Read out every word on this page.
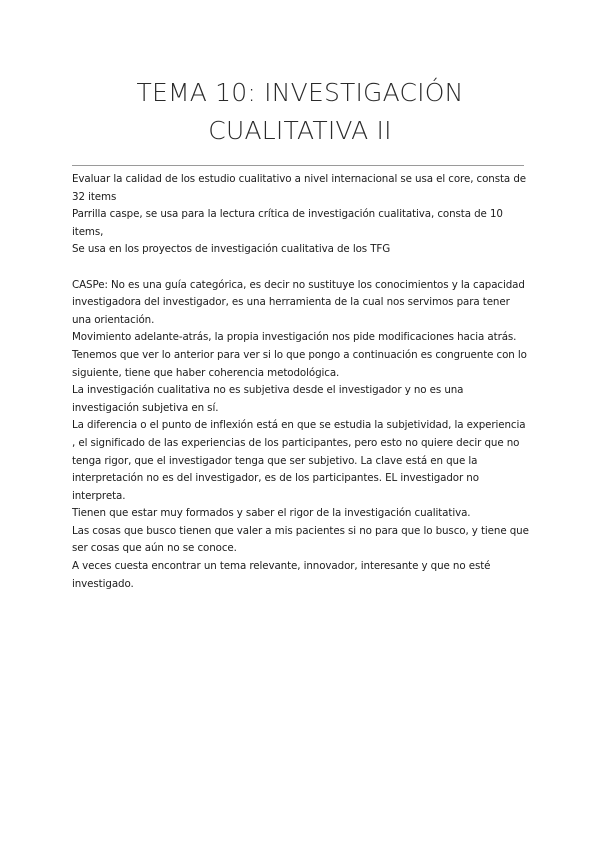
TEMA 10: INVESTIGACIÓN
CUALITATIVA II

Evaluar la calidad de los estudio cualitativo a nivel internacional se usa el core, consta de 32 items

Parrilla caspe, se usa para la lectura crítica de investigación cualitativa, consta de 10 items,

Se usa en los proyectos de investigación cualitativa de los TFG

CASPe: No es una guía categórica, es decir no sustituye los conocimientos y la capacidad investigadora del investigador, es una herramienta de la cual nos servimos para tener una orientación.

Movimiento adelante-atrás, la propia investigación nos pide modificaciones hacia atrás.

Tenemos que ver lo anterior para ver si lo que pongo a continuación es congruente con lo siguiente, tiene que haber coherencia metodológica.

La investigación cualitativa no es subjetiva desde el investigador y no es una investigación subjetiva en sí.

La diferencia o el punto de inflexión está en que se estudia la subjetividad, la experiencia , el significado de las experiencias de los participantes, pero esto no quiere decir que no tenga rigor, que el investigador tenga que ser subjetivo. La clave está en que la interpretación no es del investigador, es de los participantes. EL investigador no interpreta.

Tienen que estar muy formados y saber el rigor de la investigación cualitativa.

Las cosas que busco tienen que valer a mis pacientes si no para que lo busco, y tiene que ser cosas que aún no se conoce.

A veces cuesta encontrar un tema relevante, innovador, interesante y que no esté investigado.
